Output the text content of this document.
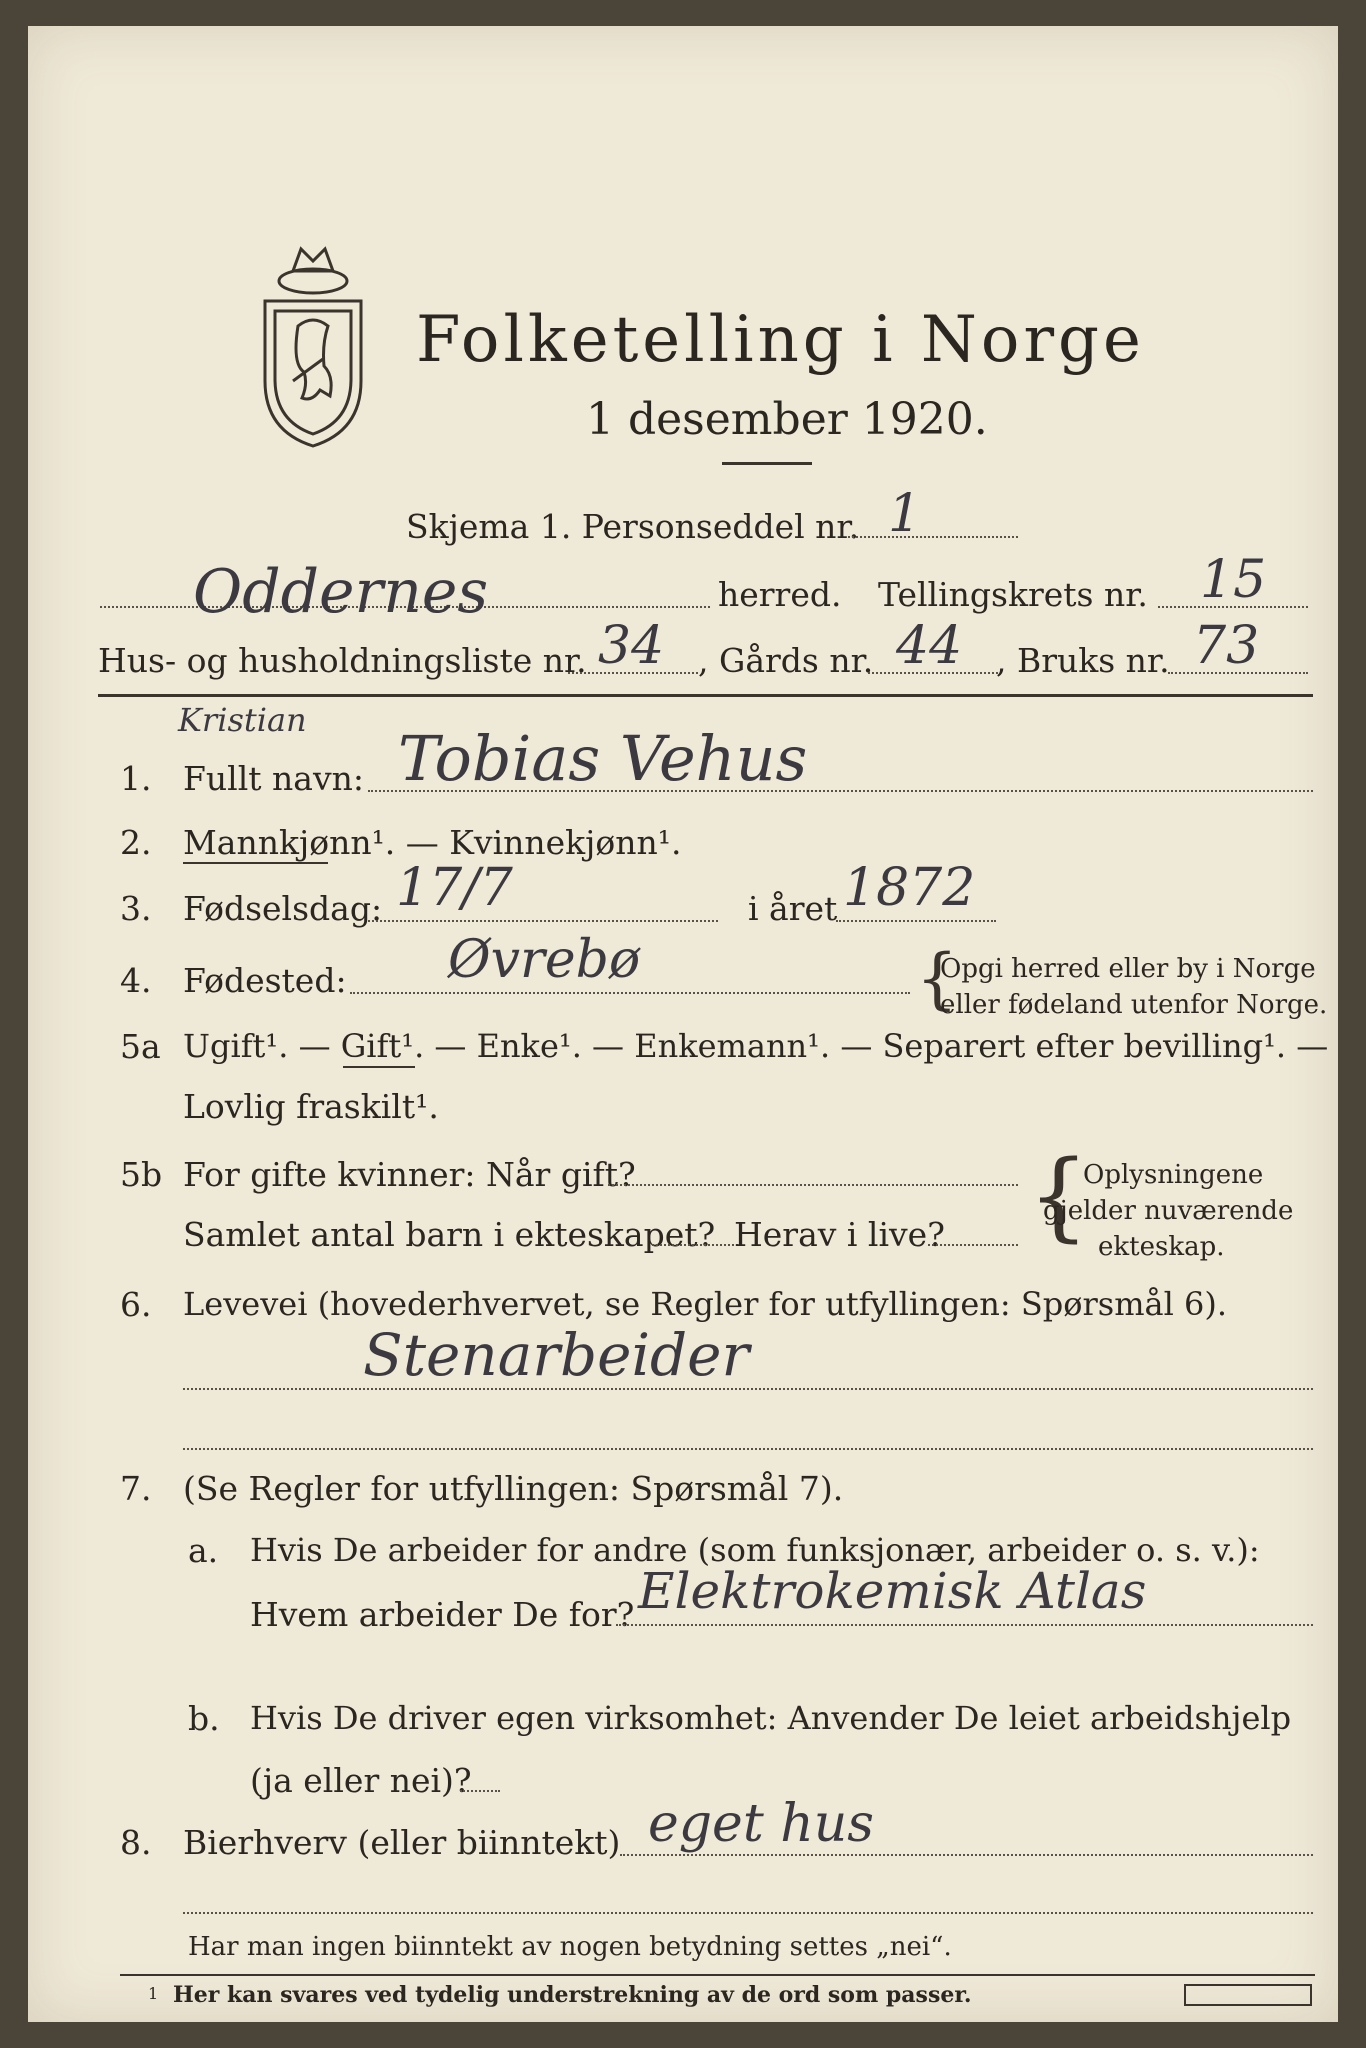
Folketelling i Norge
1 desember 1920.
Skjema 1. Personseddel nr. 1
Oddernes	herred. Tellingskrets nr. 15
Hus- og husholdningsliste nr. 34 , Gårds nr. 44 , Bruks nr. 73
Kristian
1. Fullt navn: Tobias Vehus
2. Mannkjønn¹. — Kvinnekjønn¹.
3. Fødselsdag: 17/7	i året 1872
4. Fødested: Øvrebø	{
Opgi herred eller by i Norge
eller fødeland utenfor Norge.
5a Ugift¹. — Gift¹. — Enke¹. — Enkemann¹. — Separert efter bevilling¹. —
Lovlig fraskilt¹.
5b For gifte kvinner: Når gift?
Samlet antal barn i ekteskapet? Herav i live? {
Oplysningene
gjelder nuværende
ekteskap.
6. Levevei (hovederhvervet, se Regler for utfyllingen: Spørsmål 6).
Stenarbeider
7. (Se Regler for utfyllingen: Spørsmål 7).
a. Hvis De arbeider for andre (som funksjonær, arbeider o. s. v.):
Hvem arbeider De for? Elektrokemisk Atlas
b. Hvis De driver egen virksomhet: Anvender De leiet arbeidshjelp
(ja eller nei)?
8. Bierhverv (eller biinntekt) eget hus
Har man ingen biinntekt av nogen betydning settes „nei“.
1 Her kan svares ved tydelig understrekning av de ord som passer.
